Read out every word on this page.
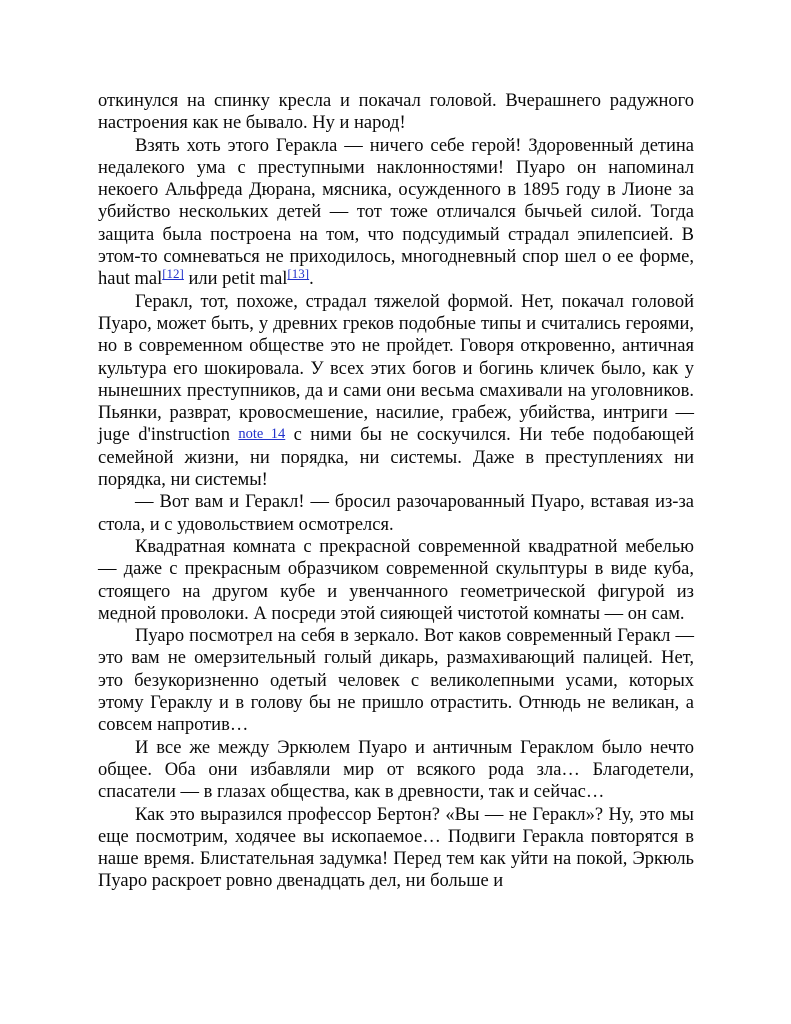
откинулся на спинку кресла и покачал головой. Вчерашнего радужного настроения как не бывало. Ну и народ!

Взять хоть этого Геракла — ничего себе герой! Здоровенный детина недалекого ума с преступными наклонностями! Пуаро он напоминал некоего Альфреда Дюрана, мясника, осужденного в 1895 году в Лионе за убийство нескольких детей — тот тоже отличался бычьей силой. Тогда защита была построена на том, что подсудимый страдал эпилепсией. В этом-то сомневаться не приходилось, многодневный спор шел о ее форме, haut mal[12] или petit mal[13].

Геракл, тот, похоже, страдал тяжелой формой. Нет, покачал головой Пуаро, может быть, у древних греков подобные типы и считались героями, но в современном обществе это не пройдет. Говоря откровенно, античная культура его шокировала. У всех этих богов и богинь кличек было, как у нынешних преступников, да и сами они весьма смахивали на уголовников. Пьянки, разврат, кровосмешение, насилие, грабеж, убийства, интриги — juge d'instruction note 14 с ними бы не соскучился. Ни тебе подобающей семейной жизни, ни порядка, ни системы. Даже в преступлениях ни порядка, ни системы!

— Вот вам и Геракл! — бросил разочарованный Пуаро, вставая из-за стола, и с удовольствием осмотрелся.

Квадратная комната с прекрасной современной квадратной мебелью — даже с прекрасным образчиком современной скульптуры в виде куба, стоящего на другом кубе и увенчанного геометрической фигурой из медной проволоки. А посреди этой сияющей чистотой комнаты — он сам.

Пуаро посмотрел на себя в зеркало. Вот каков современный Геракл — это вам не омерзительный голый дикарь, размахивающий палицей. Нет, это безукоризненно одетый человек с великолепными усами, которых этому Гераклу и в голову бы не пришло отрастить. Отнюдь не великан, а совсем напротив…

И все же между Эркюлем Пуаро и античным Гераклом было нечто общее. Оба они избавляли мир от всякого рода зла… Благодетели, спасатели — в глазах общества, как в древности, так и сейчас…

Как это выразился профессор Бертон? «Вы — не Геракл»? Ну, это мы еще посмотрим, ходячее вы ископаемое… Подвиги Геракла повторятся в наше время. Блистательная задумка! Перед тем как уйти на покой, Эркюль Пуаро раскроет ровно двенадцать дел, ни больше и
